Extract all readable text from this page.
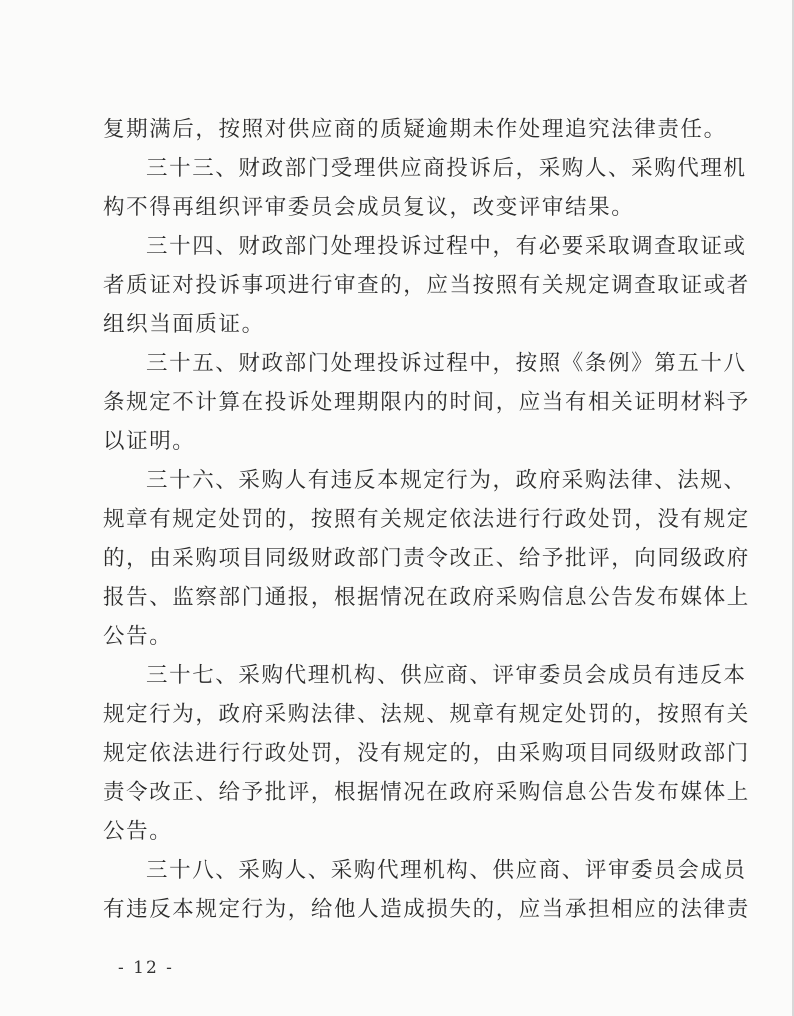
复期满后，按照对供应商的质疑逾期未作处理追究法律责任。
三十三、财政部门受理供应商投诉后，采购人、采购代理机
构不得再组织评审委员会成员复议，改变评审结果。
三十四、财政部门处理投诉过程中，有必要采取调查取证或
者质证对投诉事项进行审查的，应当按照有关规定调查取证或者
组织当面质证。
三十五、财政部门处理投诉过程中，按照《条例》第五十八
条规定不计算在投诉处理期限内的时间，应当有相关证明材料予
以证明。
三十六、采购人有违反本规定行为，政府采购法律、法规、
规章有规定处罚的，按照有关规定依法进行行政处罚，没有规定
的，由采购项目同级财政部门责令改正、给予批评，向同级政府
报告、监察部门通报，根据情况在政府采购信息公告发布媒体上
公告。
三十七、采购代理机构、供应商、评审委员会成员有违反本
规定行为，政府采购法律、法规、规章有规定处罚的，按照有关
规定依法进行行政处罚，没有规定的，由采购项目同级财政部门
责令改正、给予批评，根据情况在政府采购信息公告发布媒体上
公告。
三十八、采购人、采购代理机构、供应商、评审委员会成员
有违反本规定行为，给他人造成损失的，应当承担相应的法律责
- 12 -
